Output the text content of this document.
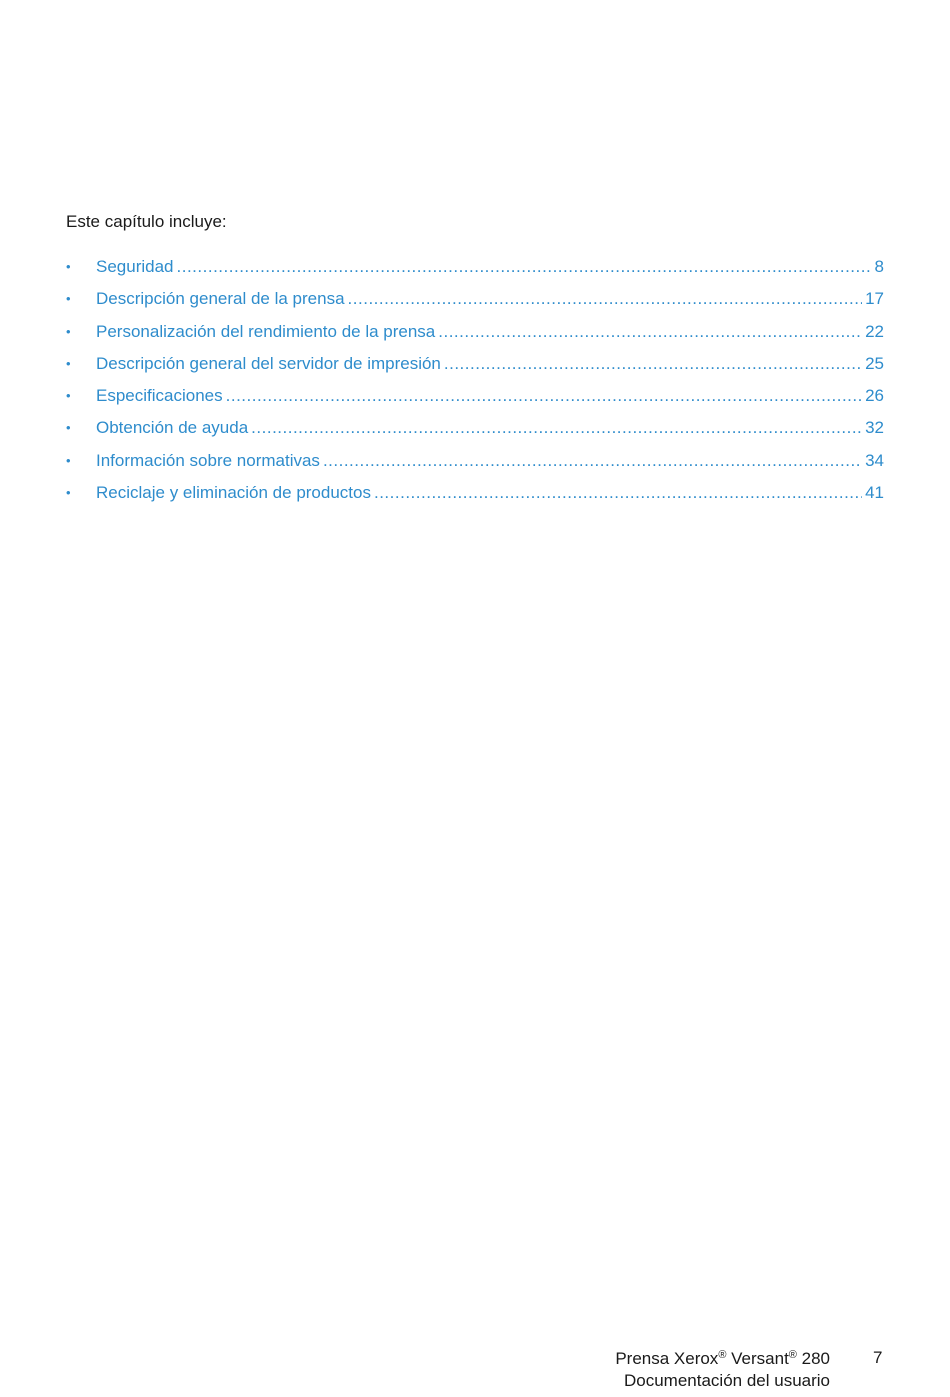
Este capítulo incluye:
•	Seguridad .....	8
•	Descripción general de la prensa .....	17
•	Personalización del rendimiento de la prensa .....	22
•	Descripción general del servidor de impresión .....	25
•	Especificaciones .....	26
•	Obtención de ayuda .....	32
•	Información sobre normativas .....	34
•	Reciclaje y eliminación de productos .....	41
Prensa Xerox® Versant® 280
Documentación del usuario
7
